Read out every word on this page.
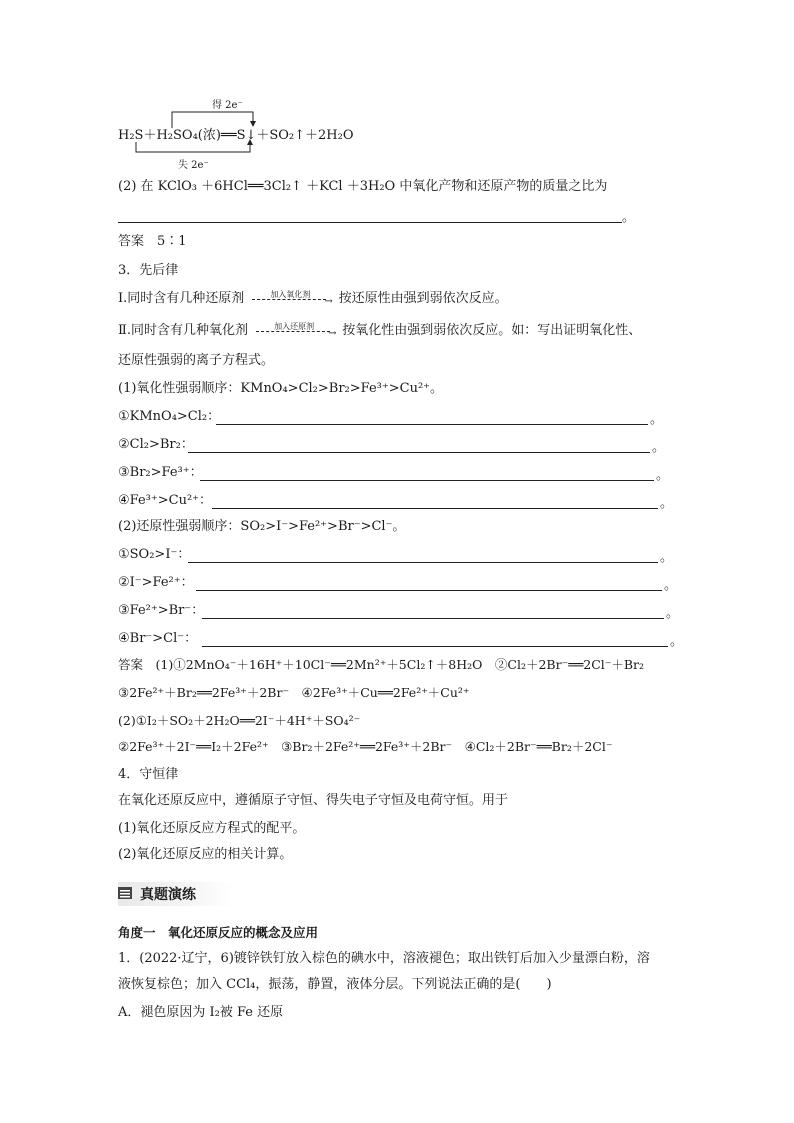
得 2e⁻
H₂S＋H₂SO₄(浓)══S↓＋SO₂↑＋2H₂O
失 2e⁻
(2) 在 KClO₃ ＋6HCl══3Cl₂↑ ＋KCl ＋3H₂O 中氧化产物和还原产物的质量之比为
。
答案　5∶1
3．先后律
Ⅰ.同时含有几种还原剂	加入氧化剂
→ 按还原性由强到弱依次反应。
Ⅱ.同时含有几种氧化剂	加入还原剂
→ 按氧化性由强到弱依次反应。如：写出证明氧化性、
还原性强弱的离子方程式。
(1)氧化性强弱顺序：KMnO₄>Cl₂>Br₂>Fe³⁺>Cu²⁺。
①KMnO₄>Cl₂：	。
②Cl₂>Br₂：	。
③Br₂>Fe³⁺：	。
④Fe³⁺>Cu²⁺：	。
(2)还原性强弱顺序：SO₂>I⁻>Fe²⁺>Br⁻>Cl⁻。
①SO₂>I⁻：	。
②I⁻>Fe²⁺：	。
③Fe²⁺>Br⁻：	。
④Br⁻>Cl⁻：	。
答案　(1)①2MnO₄⁻＋16H⁺＋10Cl⁻══2Mn²⁺＋5Cl₂↑＋8H₂O　②Cl₂＋2Br⁻══2Cl⁻＋Br₂
③2Fe²⁺＋Br₂══2Fe³⁺＋2Br⁻　④2Fe³⁺＋Cu══2Fe²⁺＋Cu²⁺
(2)①I₂＋SO₂＋2H₂O══2I⁻＋4H⁺＋SO₄²⁻
②2Fe³⁺＋2I⁻══I₂＋2Fe²⁺　③Br₂＋2Fe²⁺══2Fe³⁺＋2Br⁻　④Cl₂＋2Br⁻══Br₂＋2Cl⁻
4．守恒律
在氧化还原反应中，遵循原子守恒、得失电子守恒及电荷守恒。用于
(1)氧化还原反应方程式的配平。
(2)氧化还原反应的相关计算。
真题演练
角度一　氧化还原反应的概念及应用
1．(2022·辽宁，6)镀锌铁钉放入棕色的碘水中，溶液褪色；取出铁钉后加入少量漂白粉，溶
液恢复棕色；加入 CCl₄，振荡，静置，液体分层。下列说法正确的是(　　)
A．褪色原因为 I₂被 Fe 还原
